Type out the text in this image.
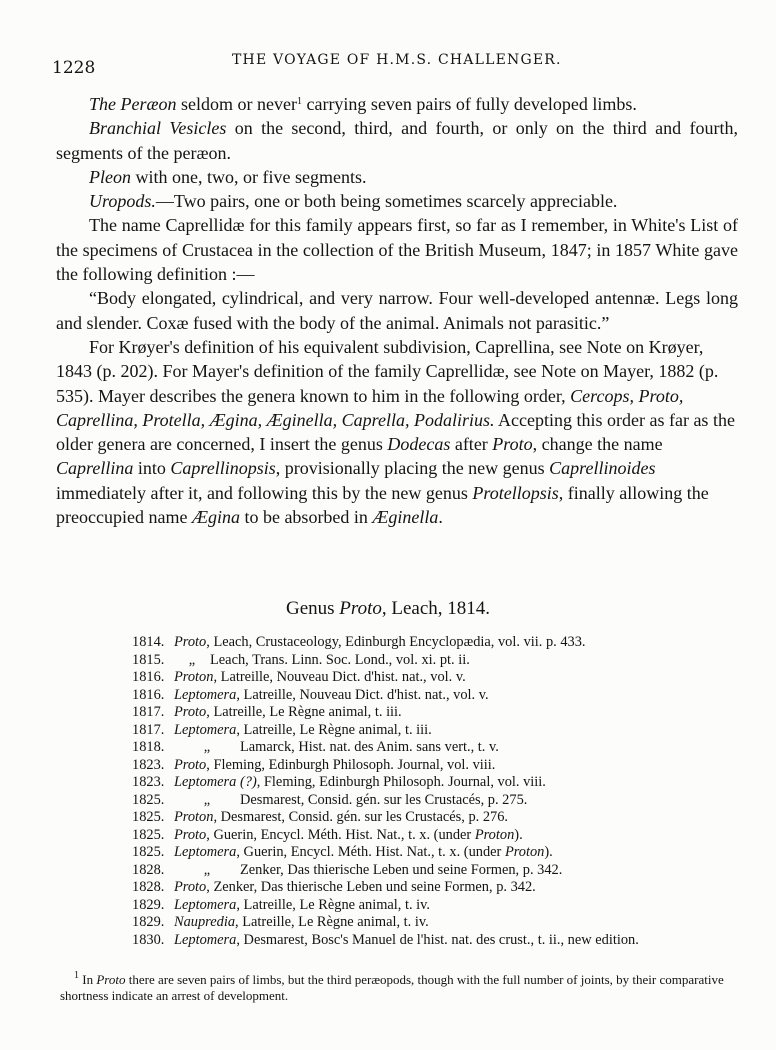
1228	THE VOYAGE OF H.M.S. CHALLENGER.

The Peræon seldom or never$^1$ carrying seven pairs of fully developed limbs.

Branchial Vesicles on the second, third, and fourth, or only on the third and fourth, segments of the peræon.

Pleon with one, two, or five segments.

Uropods.—Two pairs, one or both being sometimes scarcely appreciable.

The name Caprellidæ for this family appears first, so far as I remember, in White's List of the specimens of Crustacea in the collection of the British Museum, 1847; in 1857 White gave the following definition :—

“Body elongated, cylindrical, and very narrow. Four well-developed antennæ. Legs long and slender. Coxæ fused with the body of the animal. Animals not parasitic.”

For Krøyer's definition of his equivalent subdivision, Caprellina, see Note on Krøyer, 1843 (p. 202). For Mayer's definition of the family Caprellidæ, see Note on Mayer, 1882 (p. 535). Mayer describes the genera known to him in the following order, Cercops, Proto, Caprellina, Protella, Ægina, Æginella, Caprella, Podalirius. Accepting this order as far as the older genera are concerned, I insert the genus Dodecas after Proto, change the name Caprellina into Caprellinopsis, provisionally placing the new genus Caprellinoides immediately after it, and following this by the new genus Protellopsis, finally allowing the preoccupied name Ægina to be absorbed in Æginella.

Genus Proto, Leach, 1814.
1814. Proto, Leach, Crustaceology, Edinburgh Encyclopædia, vol. vii. p. 433.
1815. „ Leach, Trans. Linn. Soc. Lond., vol. xi. pt. ii.
1816. Proton, Latreille, Nouveau Dict. d'hist. nat., vol. v.
1816. Leptomera, Latreille, Nouveau Dict. d'hist. nat., vol. v.
1817. Proto, Latreille, Le Règne animal, t. iii.
1817. Leptomera, Latreille, Le Règne animal, t. iii.
1818.	„ Lamarck, Hist. nat. des Anim. sans vert., t. v.
1823. Proto, Fleming, Edinburgh Philosoph. Journal, vol. viii.
1823. Leptomera (?), Fleming, Edinburgh Philosoph. Journal, vol. viii.
1825.	„ Desmarest, Consid. gén. sur les Crustacés, p. 275.
1825. Proton, Desmarest, Consid. gén. sur les Crustacés, p. 276.
1825. Proto, Guerin, Encycl. Méth. Hist. Nat., t. x. (under Proton).
1825. Leptomera, Guerin, Encycl. Méth. Hist. Nat., t. x. (under Proton).
1828.	„ Zenker, Das thierische Leben und seine Formen, p. 342.
1828. Proto, Zenker, Das thierische Leben und seine Formen, p. 342.
1829. Leptomera, Latreille, Le Règne animal, t. iv.
1829. Naupredia, Latreille, Le Règne animal, t. iv.
1830. Leptomera, Desmarest, Bosc's Manuel de l'hist. nat. des crust., t. ii., new edition.
$^1$ In Proto there are seven pairs of limbs, but the third peræopods, though with the full number of joints, by their comparative shortness indicate an arrest of development.
